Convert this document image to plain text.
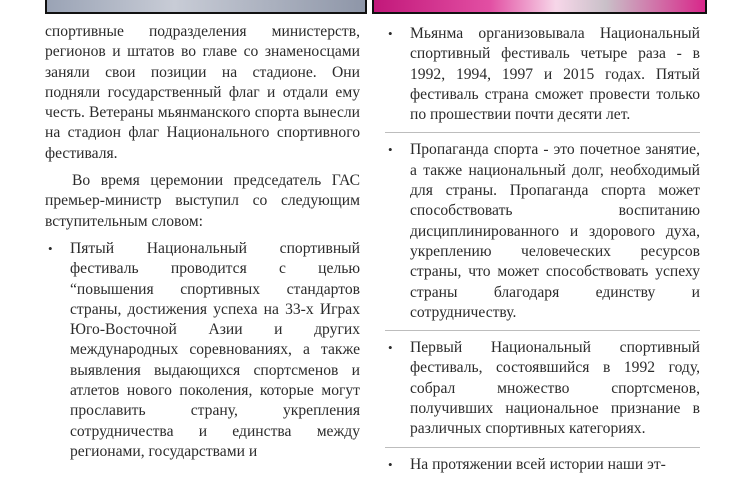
спортивные подразделения министерств, регионов и штатов во главе со знаменосцами заняли свои позиции на стадионе. Они подняли государственный флаг и отдали ему честь. Ветераны мьянманского спорта вынесли на стадион флаг Национального спортивного фестиваля.

Во время церемонии председатель ГАС премьер-министр выступил со следующим вступительным словом:

• Пятый Национальный спортивный фестиваль проводится с целью “повышения спортивных стандартов страны, достижения успеха на 33-х Играх Юго-Восточной Азии и других международных соревнованиях, а также выявления выдающихся спортсменов и атлетов нового поколения, которые могут прославить страну, укрепления сотрудничества и единства между регионами, государствами и
• Мьянма организовывала Национальный спортивный фестиваль четыре раза - в 1992, 1994, 1997 и 2015 годах. Пятый фестиваль страна сможет провести только по прошествии почти десяти лет.
• Пропаганда спорта - это почетное занятие, а также национальный долг, необходимый для страны. Пропаганда спорта может способствовать воспитанию дисциплинированного и здорового духа, укреплению человеческих ресурсов страны, что может способствовать успеху страны благодаря единству и сотрудничеству.
• Первый Национальный спортивный фестиваль, состоявшийся в 1992 году, собрал множество спортсменов, получивших национальное признание в различных спортивных категориях.
• На протяжении всей истории наши эт-
